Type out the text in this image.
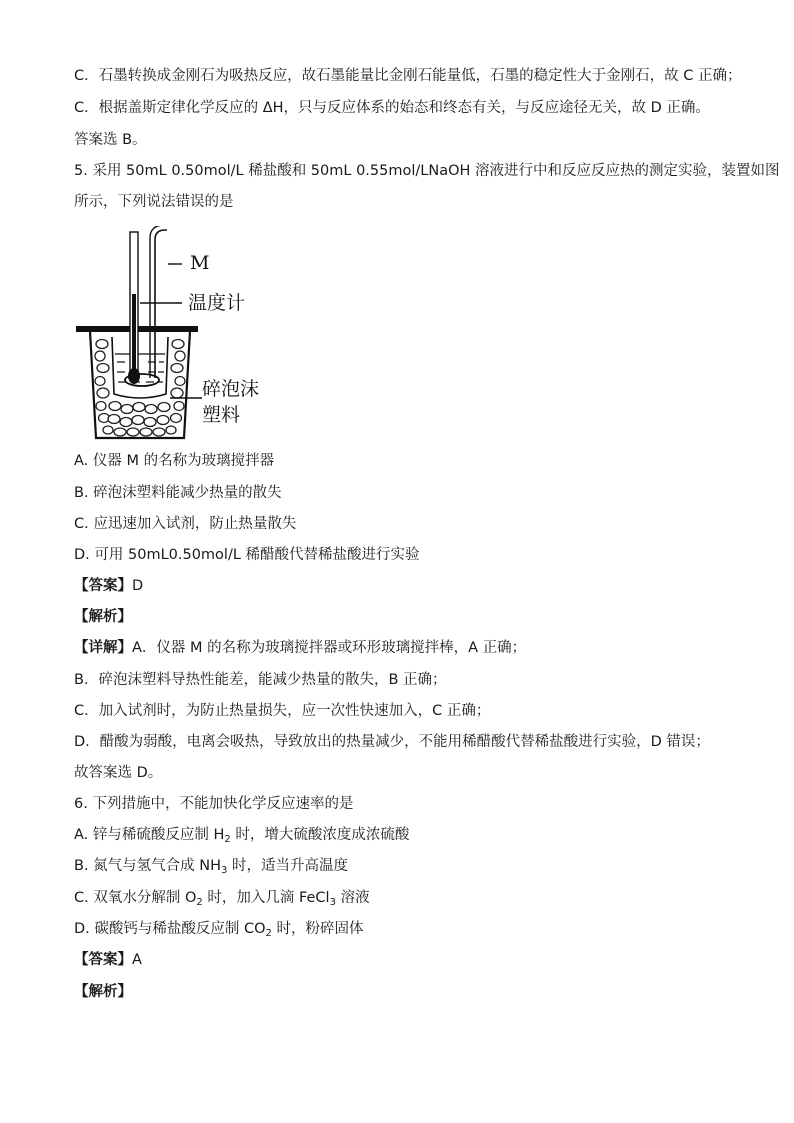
C．石墨转换成金刚石为吸热反应，故石墨能量比金刚石能量低，石墨的稳定性大于金刚石，故 C 正确；
C．根据盖斯定律化学反应的 ΔH，只与反应体系的始态和终态有关，与反应途径无关，故 D 正确。
答案选 B。
5. 采用 50mL 0.50mol/L 稀盐酸和 50mL 0.55mol/LNaOH 溶液进行中和反应反应热的测定实验，装置如图
所示，下列说法错误的是
M
温度计
碎泡沫
塑料
A. 仪器 M 的名称为玻璃搅拌器
B. 碎泡沫塑料能减少热量的散失
C. 应迅速加入试剂，防止热量散失
D. 可用 50mL0.50mol/L 稀醋酸代替稀盐酸进行实验
【答案】D
【解析】
【详解】A．仪器 M 的名称为玻璃搅拌器或环形玻璃搅拌棒，A 正确；
B．碎泡沫塑料导热性能差，能减少热量的散失，B 正确；
C．加入试剂时，为防止热量损失，应一次性快速加入，C 正确；
D．醋酸为弱酸，电离会吸热，导致放出的热量减少，不能用稀醋酸代替稀盐酸进行实验，D 错误；
故答案选 D。
6. 下列措施中，不能加快化学反应速率的是
A. 锌与稀硫酸反应制 $H_2$ 时，增大硫酸浓度成浓硫酸
B. 氮气与氢气合成 $NH_3$ 时，适当升高温度
C. 双氧水分解制 $O_2$ 时，加入几滴 FeCl$_3$ 溶液
D. 碳酸钙与稀盐酸反应制 $CO_2$ 时，粉碎固体
【答案】A
【解析】
